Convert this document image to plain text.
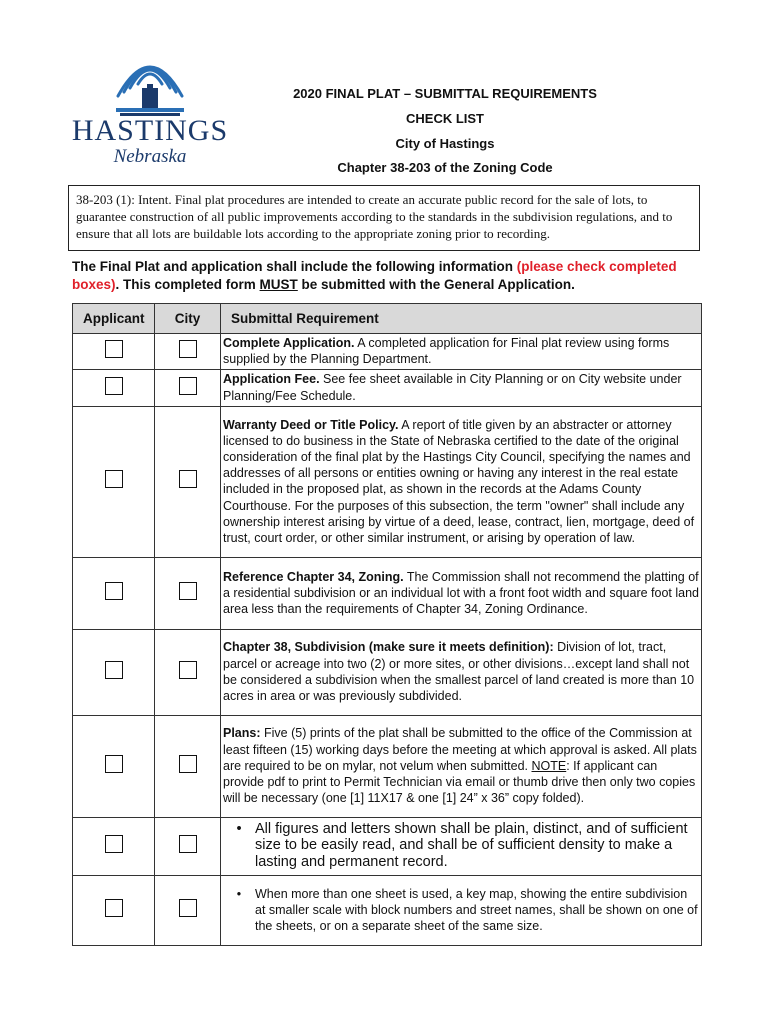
HASTINGS
Nebraska
2020 FINAL PLAT – SUBMITTAL REQUIREMENTS
CHECK LIST
City of Hastings
Chapter 38-203 of the Zoning Code
38-203 (1): Intent. Final plat procedures are intended to create an accurate public record for the sale of lots, to guarantee construction of all public improvements according to the standards in the subdivision regulations, and to ensure that all lots are buildable lots according to the appropriate zoning prior to recording.
The Final Plat and application shall include the following information (please check completed boxes). This completed form MUST be submitted with the General Application.
Applicant	City	Submittal Requirement
		Complete Application. A completed application for Final plat review using forms supplied by the Planning Department.
		Application Fee. See fee sheet available in City Planning or on City website under Planning/Fee Schedule.
		Warranty Deed or Title Policy. A report of title given by an abstracter or attorney licensed to do business in the State of Nebraska certified to the date of the original consideration of the final plat by the Hastings City Council, specifying the names and addresses of all persons or entities owning or having any interest in the real estate included in the proposed plat, as shown in the records at the Adams County Courthouse. For the purposes of this subsection, the term "owner" shall include any ownership interest arising by virtue of a deed, lease, contract, lien, mortgage, deed of trust, court order, or other similar instrument, or arising by operation of law.
		Reference Chapter 34, Zoning. The Commission shall not recommend the platting of a residential subdivision or an individual lot with a front foot width and square foot land area less than the requirements of Chapter 34, Zoning Ordinance.
		Chapter 38, Subdivision (make sure it meets definition): Division of lot, tract, parcel or acreage into two (2) or more sites, or other divisions…except land shall not be considered a subdivision when the smallest parcel of land created is more than 10 acres in area or was previously subdivided.
		Plans: Five (5) prints of the plat shall be submitted to the office of the Commission at least fifteen (15) working days before the meeting at which approval is asked. All plats are required to be on mylar, not velum when submitted. NOTE: If applicant can provide pdf to print to Permit Technician via email or thumb drive then only two copies will be necessary (one [1] 11X17 & one [1] 24” x 36” copy folded).

		• All figures and letters shown shall be plain, distinct, and of sufficient size to be easily read, and shall be of sufficient density to make a lasting and permanent record.

		• When more than one sheet is used, a key map, showing the entire subdivision at smaller scale with block numbers and street names, shall be shown on one of the sheets, or on a separate sheet of the same size.
